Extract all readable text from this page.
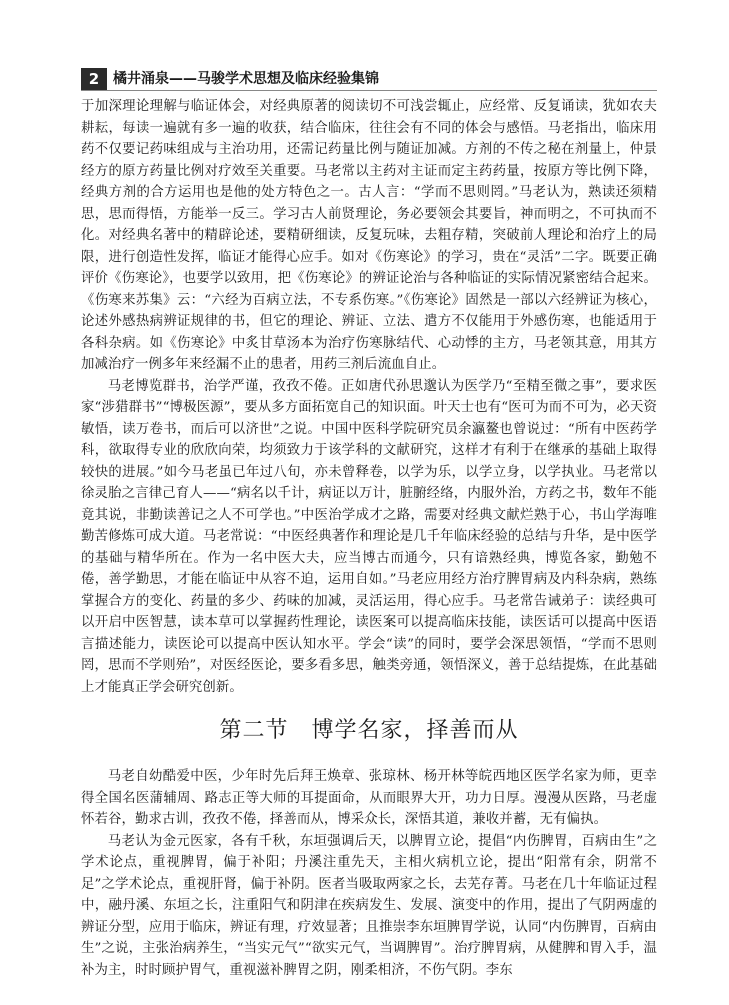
2 橘井涌泉——马骏学术思想及临床经验集锦

于加深理论理解与临证体会，对经典原著的阅读切不可浅尝辄止，应经常、反复诵读，犹如农夫耕耘，每读一遍就有多一遍的收获，结合临床，往往会有不同的体会与感悟。马老指出，临床用药不仅要记药味组成与主治功用，还需记药量比例与随证加减。方剂的不传之秘在剂量上，仲景经方的原方药量比例对疗效至关重要。马老常以主药对主证而定主药药量，按原方等比例下降，经典方剂的合方运用也是他的处方特色之一。古人言：“学而不思则罔。”马老认为，熟读还须精思，思而得悟，方能举一反三。学习古人前贤理论，务必要领会其要旨，神而明之，不可执而不化。对经典名著中的精辟论述，要精研细读，反复玩味，去粗存精，突破前人理论和治疗上的局限，进行创造性发挥，临证才能得心应手。如对《伤寒论》的学习，贵在“灵活”二字。既要正确评价《伤寒论》，也要学以致用，把《伤寒论》的辨证论治与各种临证的实际情况紧密结合起来。《伤寒来苏集》云：“六经为百病立法，不专系伤寒。”《伤寒论》固然是一部以六经辨证为核心，论述外感热病辨证规律的书，但它的理论、辨证、立法、遣方不仅能用于外感伤寒，也能适用于各科杂病。如《伤寒论》中炙甘草汤本为治疗伤寒脉结代、心动悸的主方，马老领其意，用其方加减治疗一例多年来经漏不止的患者，用药三剂后流血自止。

马老博览群书，治学严谨，孜孜不倦。正如唐代孙思邈认为医学乃“至精至微之事”，要求医家“涉猎群书”“博极医源”，要从多方面拓宽自己的知识面。叶天士也有“医可为而不可为，必天资敏悟，读万卷书，而后可以济世”之说。中国中医科学院研究员余瀛鳌也曾说过：“所有中医药学科，欲取得专业的欣欣向荣，均须致力于该学科的文献研究，这样才有利于在继承的基础上取得较快的进展。”如今马老虽已年过八旬，亦未曾释卷，以学为乐，以学立身，以学执业。马老常以徐灵胎之言律己育人——“病名以千计，病证以万计，脏腑经络，内服外治，方药之书，数年不能竟其说，非勤读善记之人不可学也。”中医治学成才之路，需要对经典文献烂熟于心，书山学海唯勤苦修炼可成大道。马老常说：“中医经典著作和理论是几千年临床经验的总结与升华，是中医学的基础与精华所在。作为一名中医大夫，应当博古而通今，只有谙熟经典，博览各家，勤勉不倦，善学勤思，才能在临证中从容不迫，运用自如。”马老应用经方治疗脾胃病及内科杂病，熟练掌握合方的变化、药量的多少、药味的加减，灵活运用，得心应手。马老常告诫弟子：读经典可以开启中医智慧，读本草可以掌握药性理论，读医案可以提高临床技能，读医话可以提高中医语言描述能力，读医论可以提高中医认知水平。学会“读”的同时，要学会深思领悟，“学而不思则罔，思而不学则殆”，对医经医论，要多看多思，触类旁通，领悟深义，善于总结提炼，在此基础上才能真正学会研究创新。

第二节　博学名家，择善而从

马老自幼酷爱中医，少年时先后拜王焕章、张琼林、杨开林等皖西地区医学名家为师，更幸得全国名医蒲辅周、路志正等大师的耳提面命，从而眼界大开，功力日厚。漫漫从医路，马老虚怀若谷，勤求古训，孜孜不倦，择善而从，博采众长，深悟其道，兼收并蓄，无有偏执。

马老认为金元医家，各有千秋，东垣强调后天，以脾胃立论，提倡“内伤脾胃，百病由生”之学术论点，重视脾胃，偏于补阳；丹溪注重先天，主相火病机立论，提出“阳常有余，阴常不足”之学术论点，重视肝肾，偏于补阴。医者当吸取两家之长，去芜存菁。马老在几十年临证过程中，融丹溪、东垣之长，注重阳气和阴津在疾病发生、发展、演变中的作用，提出了气阴两虚的辨证分型，应用于临床，辨证有理，疗效显著；且推崇李东垣脾胃学说，认同“内伤脾胃，百病由生”之说，主张治病养生，“当实元气”“欲实元气，当调脾胃”。治疗脾胃病，从健脾和胃入手，温补为主，时时顾护胃气，重视滋补脾胃之阴，刚柔相济，不伤气阴。李东
